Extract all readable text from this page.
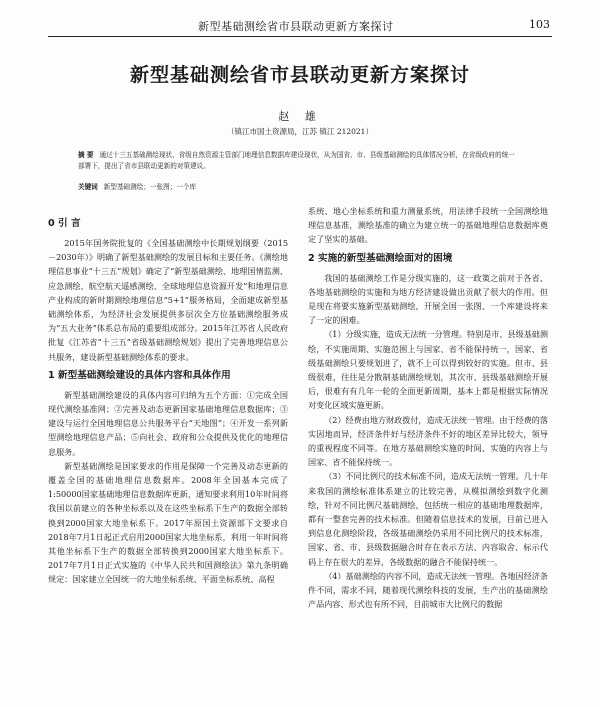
新型基础测绘省市县联动更新方案探讨	103
新型基础测绘省市县联动更新方案探讨
赵 雄
（镇江市国土资源局，江苏 镇江 212021）
摘 要 通过十三五基础测绘现状、省级自然资源主管部门地理信息数据库建设现状，从为国省、市、县级基础测绘的具体情况分析，在省级政府的统一部署下，提出了省市县联动更新的对策建议。
关键词 新型基础测绘；一张图；一个库
0 引 言

2015年国务院批复的《全国基础测绘中长期规划纲要（2015－2030年）》明确了新型基础测绘的发展目标和主要任务。《测绘地理信息事业“十三五”规划》确定了“新型基础测绘、地理国情监测、应急测绘、航空航天遥感测绘、全球地理信息资源开发”和地理信息产业构成的新时期测绘地理信息“5+1”服务格局，全面建成新型基础测绘体系，为经济社会发展提供多层次全方位基础测绘服务成为“五大业务”体系总布局的重要组成部分。2015年江苏省人民政府批复《江苏省“十三五”省级基础测绘规划》提出了完善地理信息公共服务，建设新型基础测绘体系的要求。

1 新型基础测绘建设的具体内容和具体作用

新型基础测绘建设的具体内容可归纳为五个方面：①完成全国现代测绘基准网；②完善及动态更新国家基础地理信息数据库；③建设与运行全国地理信息公共服务平台“天地图”；④开发一系列新型测绘地理信息产品；⑤向社会、政府和公众提供及优化的地理信息服务。

新型基础测绘是国家要求的作用是保障一个完善及动态更新的覆盖全国的基础地理信息数据库。2008年全国基本完成了1:50000国家基础地理信息数据库更新，通知要求利用10年时间将我国以前建立的各种坐标系以及在这些坐标系下生产的数据全部转换到2000国家大地坐标系下。2017年原国土资源部下文要求自2018年7月1日起正式启用2000国家大地坐标系，利用一年时间将其他坐标系下生产的数据全部转换到2000国家大地坐标系下。2017年7月1日正式实施的《中华人民共和国测绘法》第九条明确规定：国家建立全国统一的大地坐标系统、平面坐标系统、高程

系统、地心坐标系统和重力测量系统，用法律手段统一全国测绘地理信息基准，测绘基准的确立为建立统一的基础地理信息数据库奠定了坚实的基础。

2 实施的新型基础测绘面对的困境

我国的基础测绘工作是分级实施的，这一政策之前对于各省、各地基础测绘的实施和为地方经济建设做出贡献了很大的作用。但是现在将要实施新型基础测绘，开展全国一张图、一个库建设将来了一定的困难。

（1）分级实施，造成无法统一分管理。特别是市、县级基础测绘，不实施周期、实施范围上与国家、省不能保持统一，国家、省级基础测绘只要规划进了，就不上可以得到较好的实施。但市、县级很难，往往是分散制基础测绘规划，其次市、县级基础测绘开展后，很难有有几年一轮的全面更新周期，基本上都是根据实际情况对变化区域实施更新。

（2）经费由地方财政拨付，造成无法统一管理。由于经费的落实因地而异，经济条件好与经济条件不好的地区差异比较大，领导的重视程度不同等。在地方基础测绘实施的时间、实施的内容上与国家、省不能保持统一。

（3）不同比例尺的技术标准不同，造成无法统一管理。几十年来我国的测绘标准体系建立的比较完善，从模拟测绘到数字化测绘，针对不同比例尺基础测绘，包括统一相应的基础地理数据库，都有一整套完善的技术标准。但随着信息技术的发展，目前已进入到信息化测绘阶段，各级基础测绘仍采用不同比例尺的技术标准，国家、省、市、县级数据融合时存在表示方法、内容取舍、标示代码上存在很大的差异，各级数据的融合不能保持统一。

（4）基础测绘的内容不同，造成无法统一管理。各地因经济条件不同，需求不同，随着现代测绘科技的发展，生产出的基础测绘产品内容、形式也有所不同，目前城市大比例尺的数据
